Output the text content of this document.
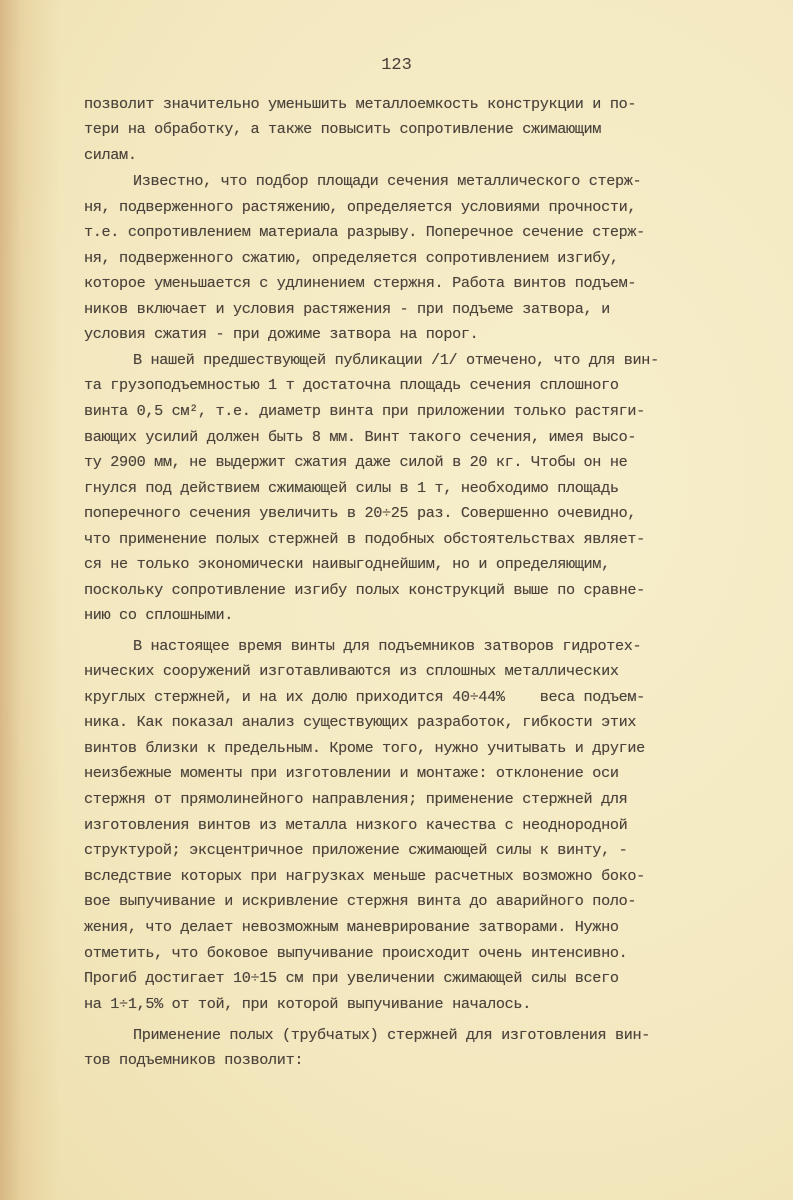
123
позволит значительно уменьшить металлоемкость конструкции и по-
тери на обработку, а также повысить сопротивление сжимающим
силам.
Известно, что подбор площади сечения металлического стерж-
ня, подверженного растяжению, определяется условиями прочности,
т.е. сопротивлением материала разрыву. Поперечное сечение стерж-
ня, подверженного сжатию, определяется сопротивлением изгибу,
которое уменьшается с удлинением стержня. Работа винтов подъем-
ников включает и условия растяжения - при подъеме затвора, и
условия сжатия - при дожиме затвора на порог.
В нашей предшествующей публикации /1/ отмечено, что для вин-
та грузоподъемностью 1 т достаточна площадь сечения сплошного
винта 0,5 см², т.е. диаметр винта при приложении только растяги-
вающих усилий должен быть 8 мм. Винт такого сечения, имея высо-
ту 2900 мм, не выдержит сжатия даже силой в 20 кг. Чтобы он не
гнулся под действием сжимающей силы в 1 т, необходимо площадь
поперечного сечения увеличить в 20÷25 раз. Совершенно очевидно,
что применение полых стержней в подобных обстоятельствах являет-
ся не только экономически наивыгоднейшим, но и определяющим,
поскольку сопротивление изгибу полых конструкций выше по сравне-
нию со сплошными.
В настоящее время винты для подъемников затворов гидротех-
нических сооружений изготавливаются из сплошных металлических
круглых стержней, и на их долю приходится 40÷44%    веса подъем-
ника. Как показал анализ существующих разработок, гибкости этих
винтов близки к предельным. Кроме того, нужно учитывать и другие
неизбежные моменты при изготовлении и монтаже: отклонение оси
стержня от прямолинейного направления; применение стержней для
изготовления винтов из металла низкого качества с неоднородной
структурой; эксцентричное приложение сжимающей силы к винту, -
вследствие которых при нагрузках меньше расчетных возможно боко-
вое выпучивание и искривление стержня винта до аварийного поло-
жения, что делает невозможным маневрирование затворами. Нужно
отметить, что боковое выпучивание происходит очень интенсивно.
Прогиб достигает 10÷15 см при увеличении сжимающей силы всего
на 1÷1,5% от той, при которой выпучивание началось.
Применение полых (трубчатых) стержней для изготовления вин-
тов подъемников позволит:
